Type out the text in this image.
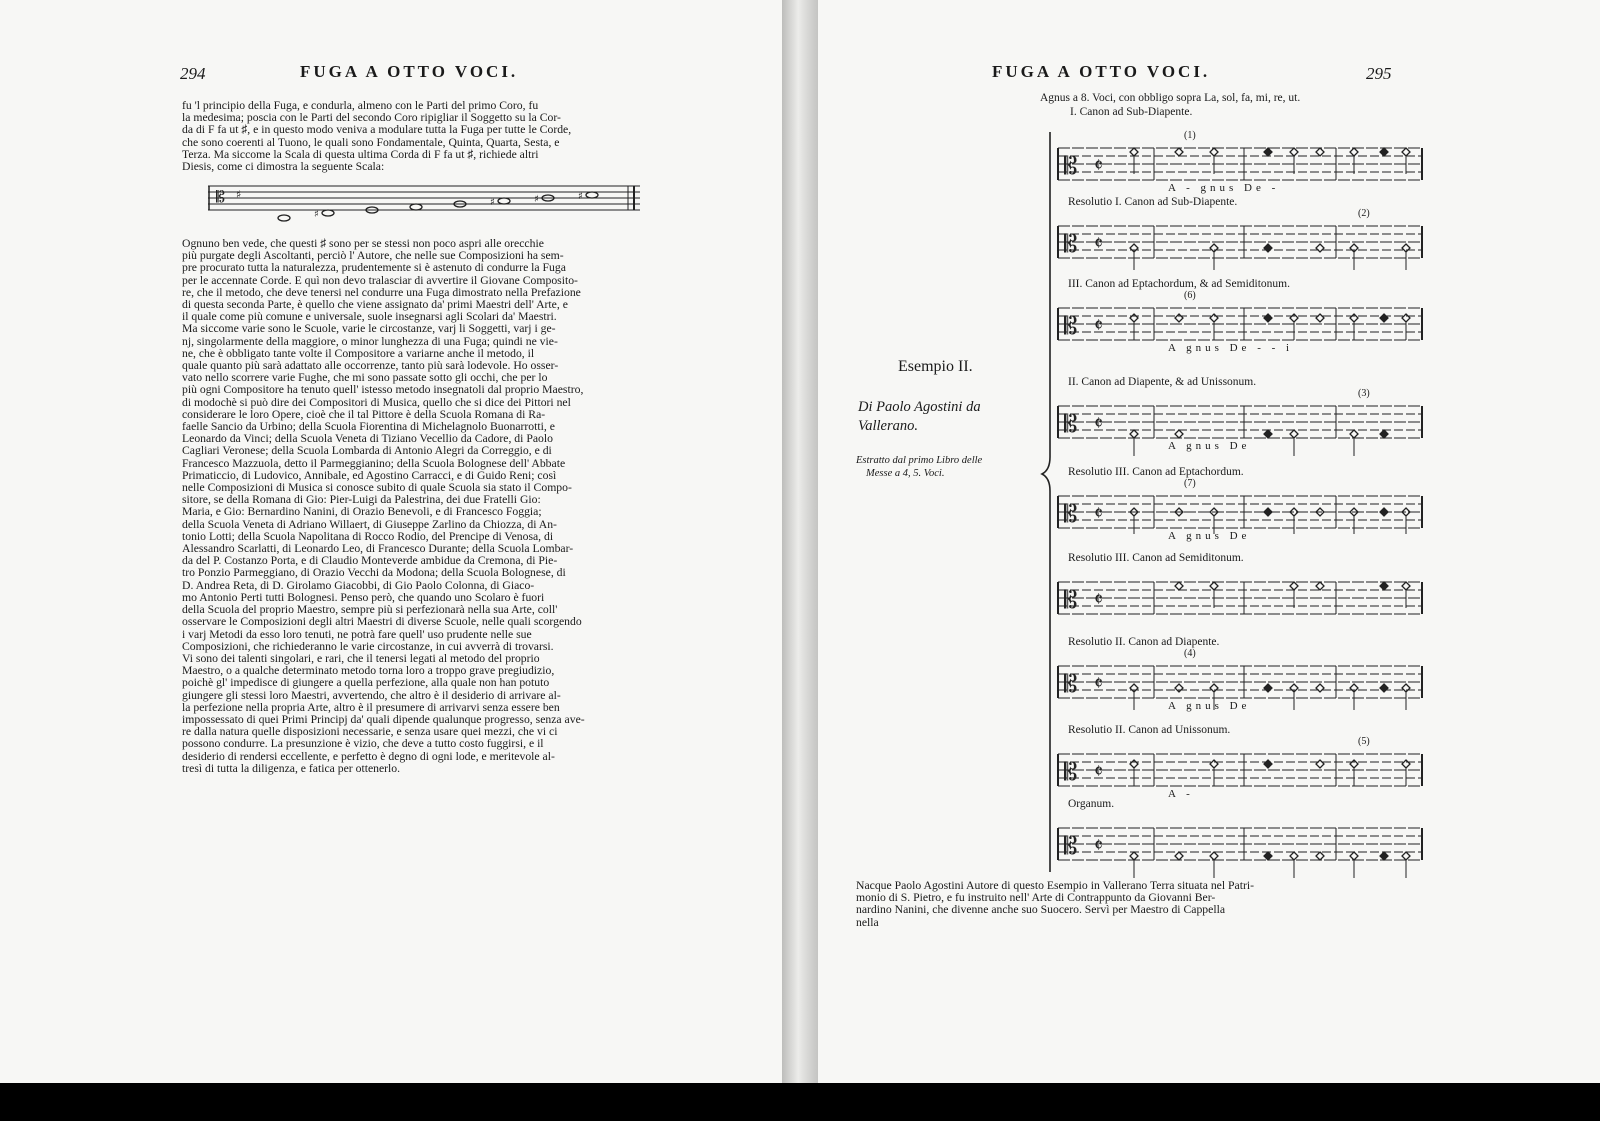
294	FUGA A OTTO VOCI.
fu 'l principio della Fuga, e condurla, almeno con le Parti del primo Coro, fu
la medesima; poscia con le Parti del secondo Coro ripigliar il Soggetto su la Cor-
da di F fa ut ♯, e in questo modo veniva a modulare tutta la Fuga per tutte le Corde,
che sono coerenti al Tuono, le quali sono Fondamentale, Quinta, Quarta, Sesta, e
Terza. Ma siccome la Scala di questa ultima Corda di F fa ut ♯, richiede altri
Diesis, come ci dimostra la seguente Scala:
𝄡 ♯
♯
♯	♯	♯
Ognuno ben vede, che questi ♯ sono per se stessi non poco aspri alle orecchie
più purgate degli Ascoltanti, perciò l' Autore, che nelle sue Composizioni ha sem-
pre procurato tutta la naturalezza, prudentemente si è astenuto di condurre la Fuga
per le accennate Corde. E quì non devo tralasciar di avvertire il Giovane Composito-
re, che il metodo, che deve tenersi nel condurre una Fuga dimostrato nella Prefazione
di questa seconda Parte, è quello che viene assignato da' primi Maestri dell' Arte, e
il quale come più comune e universale, suole insegnarsi agli Scolari da' Maestri.
Ma siccome varie sono le Scuole, varie le circostanze, varj li Soggetti, varj i ge-
nj, singolarmente della maggiore, o minor lunghezza di una Fuga; quindi ne vie-
ne, che è obbligato tante volte il Compositore a variarne anche il metodo, il
quale quanto più sarà adattato alle occorrenze, tanto più sarà lodevole. Ho osser-
vato nello scorrere varie Fughe, che mi sono passate sotto gli occhi, che per lo
più ogni Compositore ha tenuto quell' istesso metodo insegnatoli dal proprio Maestro,
di modochè si può dire dei Compositori di Musica, quello che si dice dei Pittori nel
considerare le loro Opere, cioè che il tal Pittore è della Scuola Romana di Ra-
faelle Sancio da Urbino; della Scuola Fiorentina di Michelagnolo Buonarrotti, e
Leonardo da Vinci; della Scuola Veneta di Tiziano Vecellio da Cadore, di Paolo
Cagliari Veronese; della Scuola Lombarda di Antonio Alegri da Correggio, e di
Francesco Mazzuola, detto il Parmeggianino; della Scuola Bolognese dell' Abbate
Primaticcio, di Ludovico, Annibale, ed Agostino Carracci, e di Guido Reni; così
nelle Composizioni di Musica si conosce subito di quale Scuola sia stato il Compo-
sitore, se della Romana di Gio: Pier-Luigi da Palestrina, dei due Fratelli Gio:
Maria, e Gio: Bernardino Nanini, di Orazio Benevoli, e di Francesco Foggia;
della Scuola Veneta di Adriano Willaert, di Giuseppe Zarlino da Chiozza, di An-
tonio Lotti; della Scuola Napolitana di Rocco Rodio, del Prencipe di Venosa, di
Alessandro Scarlatti, di Leonardo Leo, di Francesco Durante; della Scuola Lombar-
da del P. Costanzo Porta, e di Claudio Monteverde ambidue da Cremona, di Pie-
tro Ponzio Parmeggiano, di Orazio Vecchi da Modona; della Scuola Bolognese, di
D. Andrea Reta, di D. Girolamo Giacobbi, di Gio Paolo Colonna, di Giaco-
mo Antonio Perti tutti Bolognesi. Penso però, che quando uno Scolaro è fuori
della Scuola del proprio Maestro, sempre più si perfezionarà nella sua Arte, coll'
osservare le Composizioni degli altri Maestri di diverse Scuole, nelle quali scorgendo
i varj Metodi da esso loro tenuti, ne potrà fare quell' uso prudente nelle sue
Composizioni, che richiederanno le varie circostanze, in cui avverrà di trovarsi.
Vi sono dei talenti singolari, e rari, che il tenersi legati al metodo del proprio
Maestro, o a qualche determinato metodo torna loro a troppo grave pregiudizio,
poichè gl' impedisce di giungere a quella perfezione, alla quale non han potuto
giungere gli stessi loro Maestri, avvertendo, che altro è il desiderio di arrivare al-
la perfezione nella propria Arte, altro è il presumere di arrivarvi senza essere ben
impossessato di quei Primi Principj da' quali dipende qualunque progresso, senza ave-
re dalla natura quelle disposizioni necessarie, e senza usare quei mezzi, che vi ci
possono condurre. La presunzione è vizio, che deve a tutto costo fuggirsi, e il
desiderio di rendersi eccellente, e perfetto è degno di ogni lode, e meritevole al-
tresì di tutta la diligenza, e fatica per ottenerlo.
FUGA A OTTO VOCI.	295
Agnus a 8. Voci, con obbligo sopra La, sol, fa, mi, re, ut.
I. Canon ad Sub-Diapente.
Esempio II.
Di Paolo Agostini da Vallerano.
Estratto dal primo Libro delle
Messe a 4, 5. Voci.
𝄡 𝄵
(1)
A - gnus De -
Resolutio I. Canon ad Sub-Diapente.
𝄡 𝄵
(2)
III. Canon ad Eptachordum, & ad Semiditonum.
𝄡 𝄵
(6)
A gnus De - - i
II. Canon ad Diapente, & ad Unissonum.
𝄡 𝄵
(3)
A gnus De
Resolutio III. Canon ad Eptachordum.
𝄡 𝄵
(7)
A gnus De
Resolutio III. Canon ad Semiditonum.
𝄡 𝄵
Resolutio II. Canon ad Diapente.
𝄡 𝄵
(4)
A gnus De
Resolutio II. Canon ad Unissonum.
𝄡 𝄵
(5)
A -
Organum.
𝄡 𝄵
Nacque Paolo Agostini Autore di questo Esempio in Vallerano Terra situata nel Patri-
monio di S. Pietro, e fu instruito nell' Arte di Contrappunto da Giovanni Ber-
nardino Nanini, che divenne anche suo Suocero. Servì per Maestro di Cappella
nella
